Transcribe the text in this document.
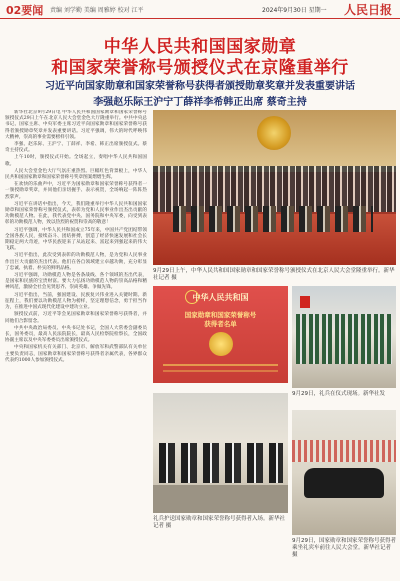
02要闻 责编 刘学勤 美编 周雅婷 校对 江平	2024年9月30日 星期一 人民日报
中华人民共和国国家勋章
和国家荣誉称号颁授仪式在京隆重举行
习近平向国家勋章和国家荣誉称号获得者颁授勋章奖章并发表重要讲话
李强赵乐际王沪宁丁薛祥李希韩正出席 蔡奇主持

新华社北京9月29日电 中华人民共和国国家勋章和国家荣誉称号颁授仪式29日上午在北京人民大会堂金色大厅隆重举行。中共中央总书记、国家主席、中央军委主席习近平向国家勋章和国家荣誉称号获得者颁授勋章奖章并发表重要讲话。习近平强调，伟大的时代呼唤伟大精神，崇高的事业需要榜样引领。

李强、赵乐际、王沪宁、丁薛祥、李希、韩正出席颁授仪式。蔡奇主持仪式。

上午10时，颁授仪式开始。全场起立，奏唱中华人民共和国国歌。

人民大会堂金色大厅气氛庄重热烈。巨幅红色背景板上，中华人民共和国国家勋章和国家荣誉称号奖章图案熠熠生辉。

在欢快的乐曲声中，习近平为国家勋章和国家荣誉称号获得者一一颁授勋章奖章，并同他们亲切握手、表示祝贺，全场响起一阵阵热烈掌声。

习近平在讲话中指出，今天，我们隆重举行中华人民共和国国家勋章和国家荣誉称号颁授仪式，表彰为党和人民事业作出杰出贡献的功勋模范人物。在此，我代表党中央、国务院和中央军委，向受到表彰的功勋模范人物，致以热烈的祝贺和崇高的敬意！

习近平强调，中华人民共和国成立75年来，中国共产党团结带领全国各族人民，接续奋斗、团结拼搏，创造了经济快速发展和社会长期稳定两大奇迹，中华民族迎来了从站起来、富起来到强起来的伟大飞跃。

习近平指出，此次受到表彰的功勋模范人物，是为党和人民事业作出巨大贡献的杰出代表。他们在各自领域建立卓越功勋，充分彰显了忠诚、执着、朴实的鲜明品格。

习近平强调，功勋模范人物是各条战线、各个领域的杰出代表，是国家和民族的宝贵财富。要大力弘扬功勋模范人物的崇高品格和精神风范，激励全社会见贤思齐、崇尚英雄、争做先锋。

习近平指出，当前，强国建设、民族复兴伟业进入关键时期。新征程上，我们要以功勋模范人物为榜样，坚定理想信念，勇于担当作为，在推进中国式现代化建设中建功立业。

颁授仪式前，习近平等会见国家勋章和国家荣誉称号获得者，并同他们合影留念。

中共中央政治局委员、中央书记处书记，全国人大常委会副委员长，国务委员，最高人民法院院长，最高人民检察院检察长，全国政协副主席以及中央军委委员出席颁授仪式。

中央和国家机关有关部门、北京市、解放军和武警部队有关单位主要负责同志，国家勋章和国家荣誉称号获得者亲属代表，各界群众代表约1000人参加颁授仪式。

9月29日上午，中华人民共和国国家勋章和国家荣誉称号颁授仪式在北京人民大会堂隆重举行。新华社记者 摄
中华人民共和国
国家勋章和国家荣誉称号
获得者名单
9月29日，礼兵在仪式现场。新华社发
礼兵护送国家勋章和国家荣誉称号获得者入场。新华社记者 摄
9月29日，国家勋章和国家荣誉称号获得者乘坐礼宾车前往人民大会堂。新华社记者 摄
